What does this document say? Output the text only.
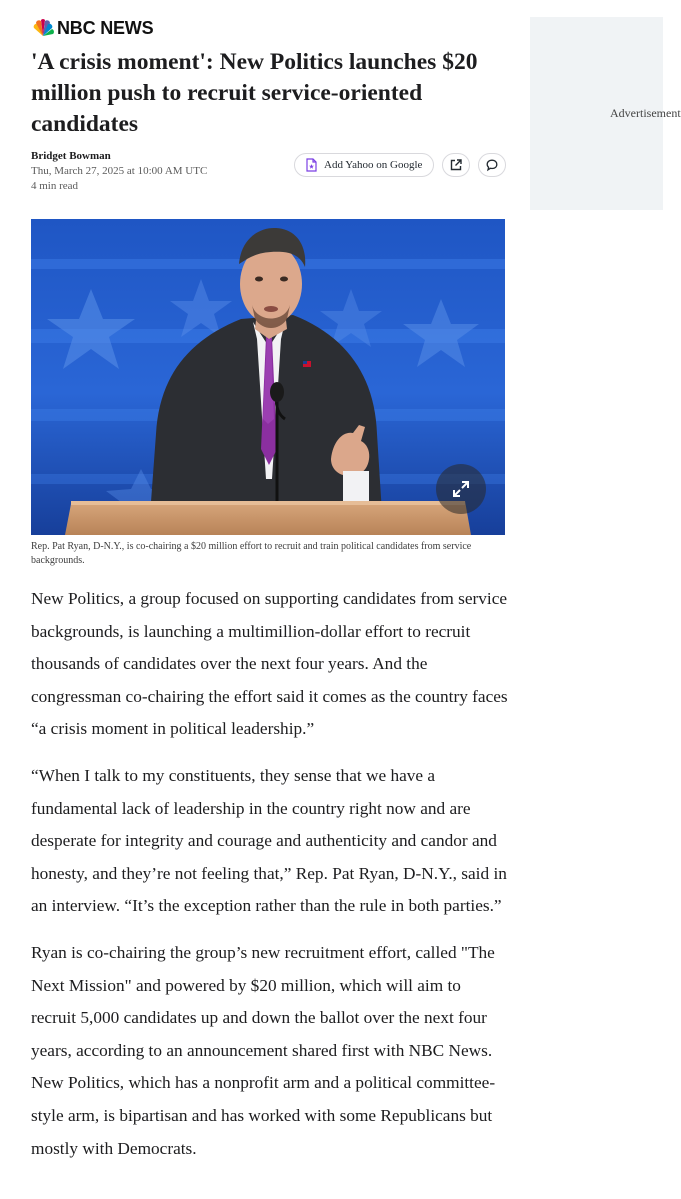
NBC NEWS
'A crisis moment': New Politics launches $20 million push to recruit service-oriented candidates
Bridget Bowman
Thu, March 27, 2025 at 10:00 AM UTC
4 min read
Add Yahoo on Google

Rep. Pat Ryan, D-N.Y., is co-chairing a $20 million effort to recruit and train political candidates from service backgrounds.

New Politics, a group focused on supporting candidates from service backgrounds, is launching a multimillion-dollar effort to recruit thousands of candidates over the next four years. And the congressman co-chairing the effort said it comes as the country faces “a crisis moment in political leadership.”

“When I talk to my constituents, they sense that we have a fundamental lack of leadership in the country right now and are desperate for integrity and courage and authenticity and candor and honesty, and they’re not feeling that,” Rep. Pat Ryan, D-N.Y., said in an interview. “It’s the exception rather than the rule in both parties.”

Ryan is co-chairing the group’s new recruitment effort, called "The Next Mission" and powered by $20 million, which will aim to recruit 5,000 candidates up and down the ballot over the next four years, according to an announcement shared first with NBC News. New Politics, which has a nonprofit arm and a political committee-style arm, is bipartisan and has worked with some Republicans but mostly with Democrats.

Advertisement
